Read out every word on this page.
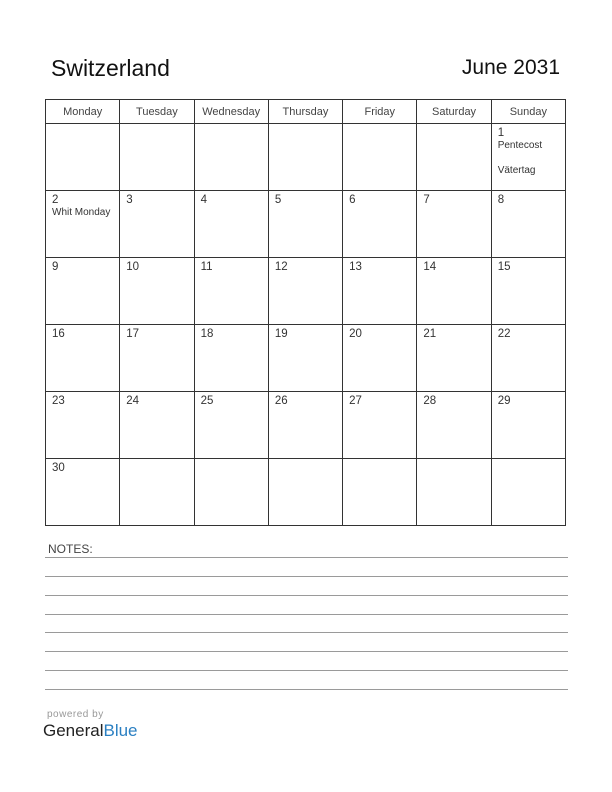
Switzerland	June 2031
Monday	Tuesday	Wednesday	Thursday	Friday	Saturday	Sunday

						1
Pentecost
Vätertag

2
Whit Monday	3	4	5	6	7	8

9	10	11	12	13	14	15

16	17	18	19	20	21	22

23	24	25	26	27	28	29

30						

NOTES:
powered by
GeneralBlue
